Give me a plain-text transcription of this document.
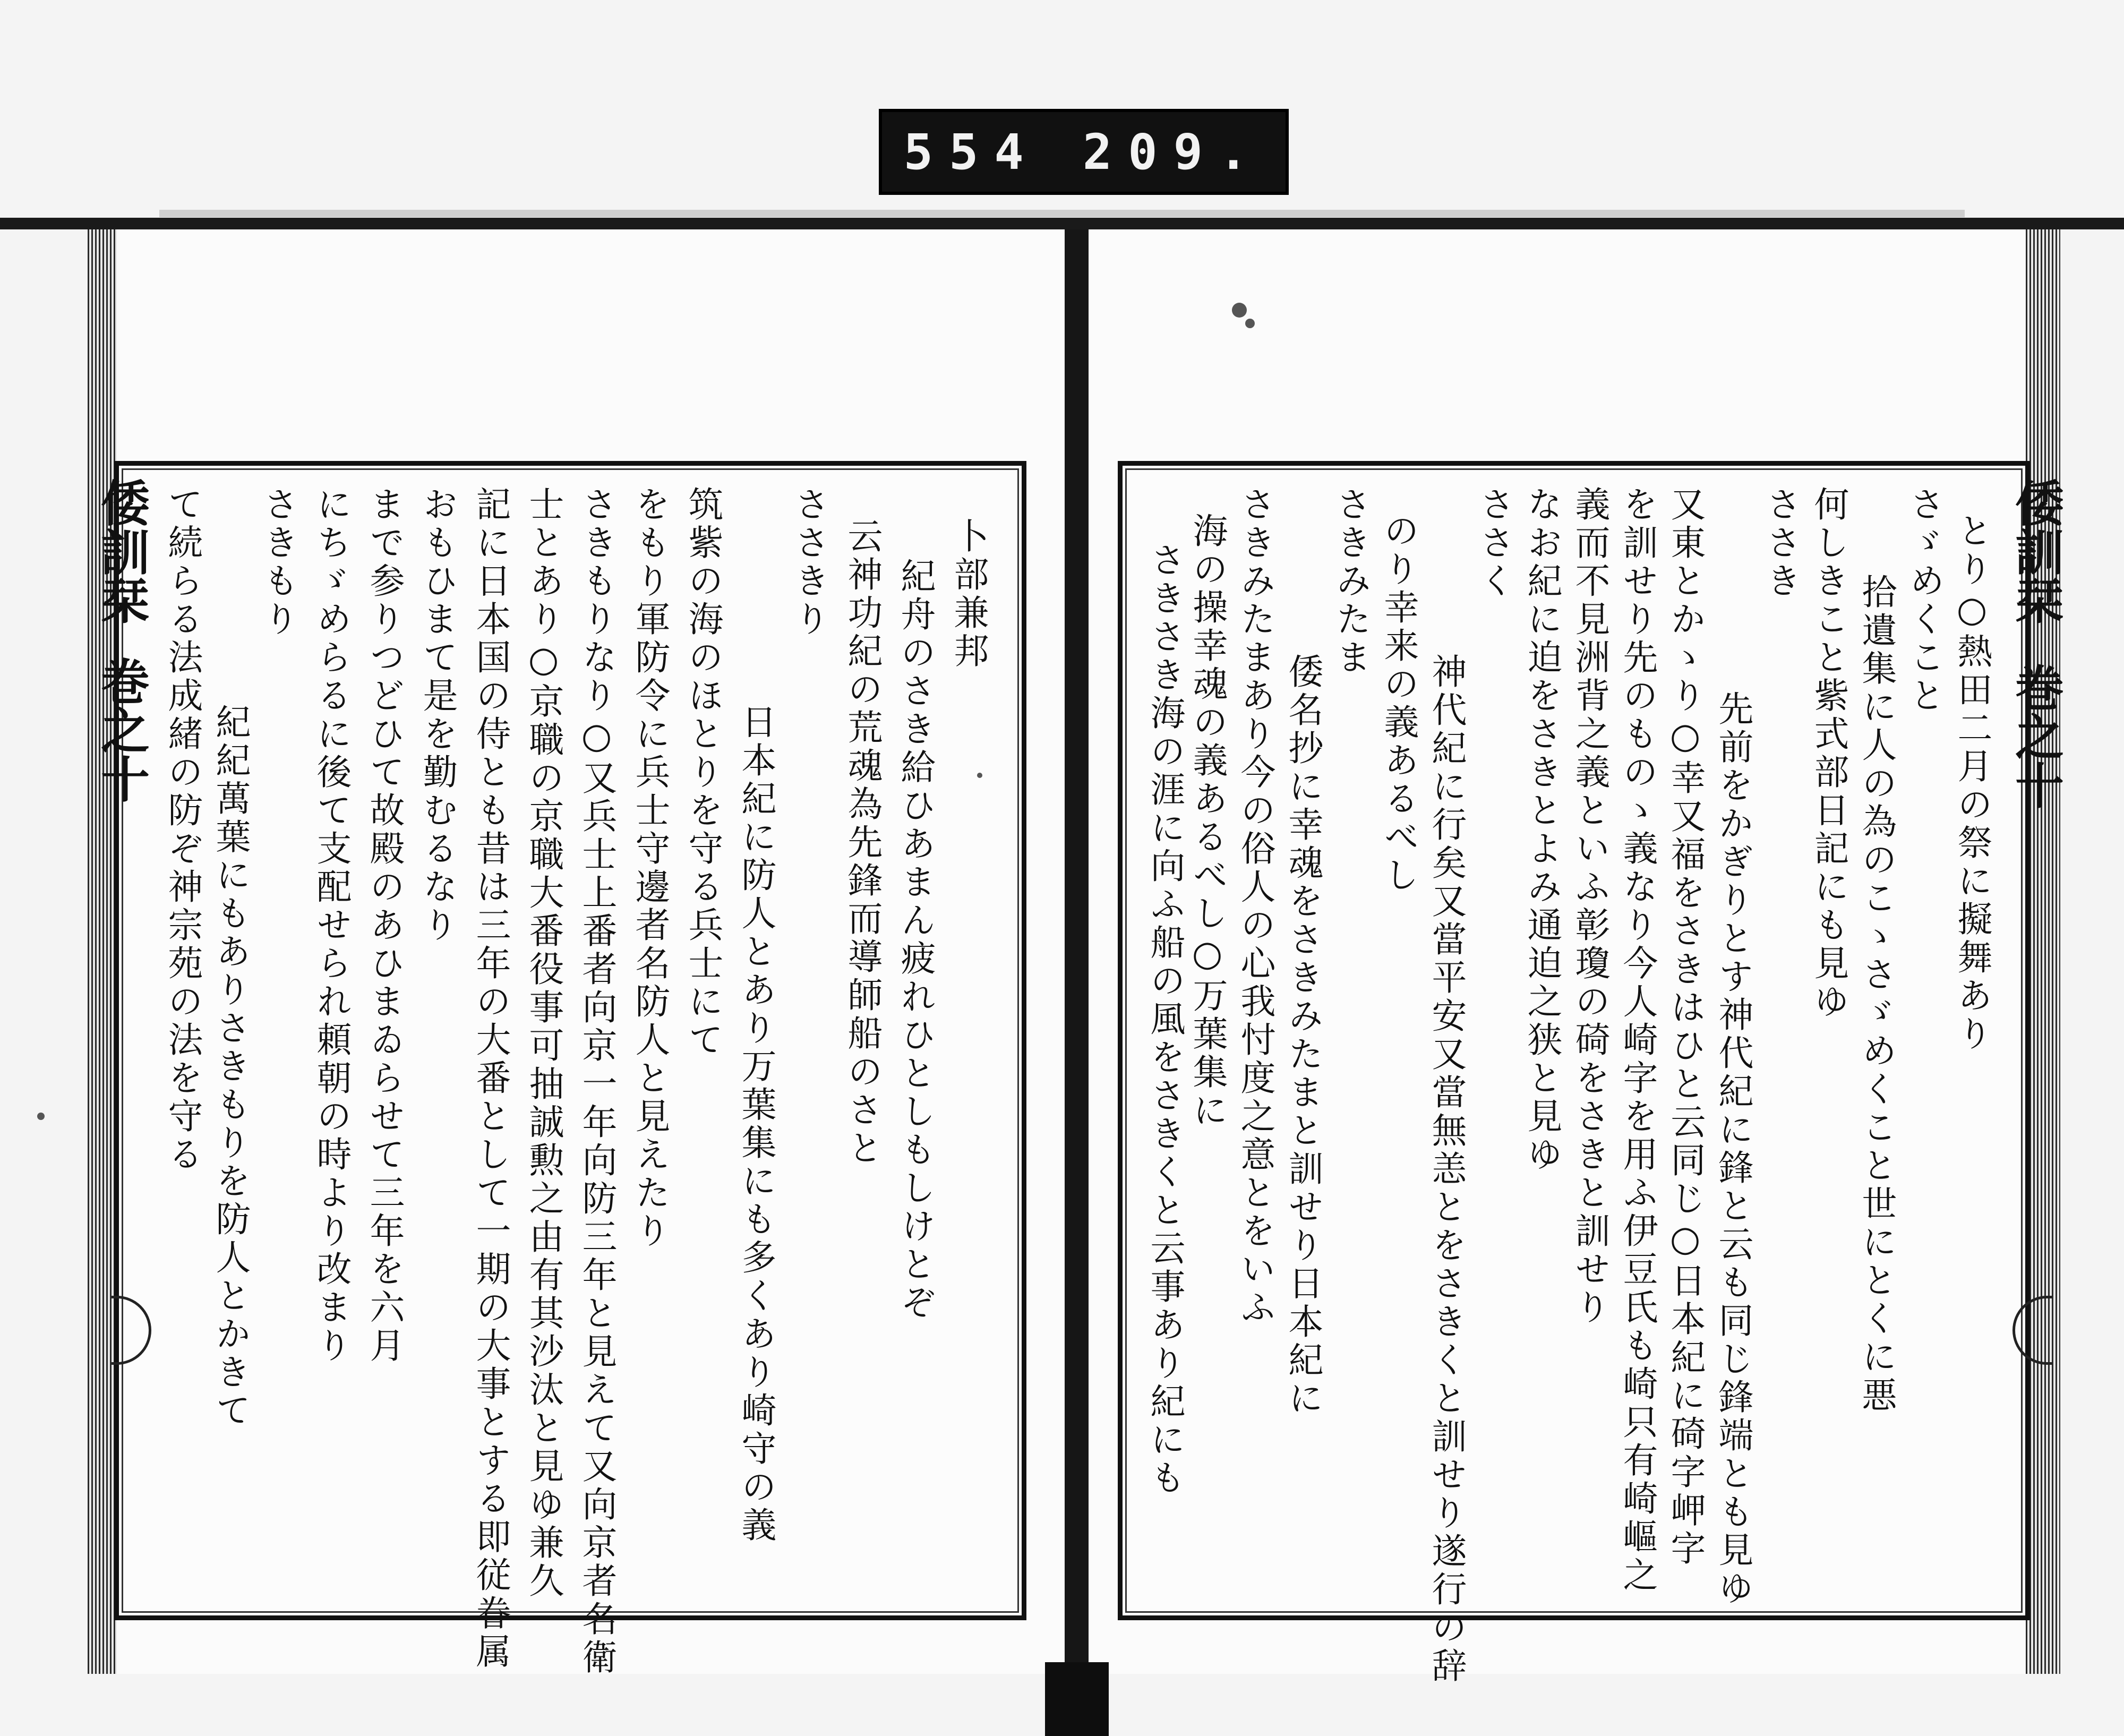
554 209.
倭訓栞
巻之十
倭訓栞 巻之十
卜部兼邦
紀舟のさき給ひあまん疲れひとしもしけとぞ
云神功紀の荒魂為先鋒而導師船のさと
ささきり
日本紀に防人とあり万葉集にも多くあり崎守の義
筑紫の海のほとりを守る兵士にて
をもり軍防令に兵士守邊者名防人と見えたり
さきもりなり○又兵士上番者向京一年向防三年と見えて又向京者名衛
士とあり○京職の京職大番役事可抽誠勲之由有其沙汰と見ゆ兼久
記に日本国の侍とも昔は三年の大番として一期の大事とする即従眷属
おもひまて是を勤むるなり
まで参りつどひて故殿のあひまゐらせて三年を六月
にちゞめらるに後て支配せられ頼朝の時より改まり
さきもり
紀紀萬葉にもありさきもりを防人とかきて
て続らる法成緒の防ぞ神宗苑の法を守る	とり○熱田二月の祭に擬舞あり
さゞめくこと
拾遺集に人の為のこゝさゞめくこと世にとくに悪
何しきこと紫式部日記にも見ゆ
ささき
先前をかぎりとす神代紀に鋒と云も同じ鋒端とも見ゆ
又東とかゝり○幸又福をさきはひと云同じ○日本紀に碕字岬字
を訓せり先のものゝ義なり今人崎字を用ふ伊豆氏も崎只有崎嶇之
義而不見洲背之義といふ彰瓊の碕をさきと訓せり
なお紀に迫をさきとよみ通迫之狭と見ゆ
ささく
神代紀に行矣又當平安又當無恙とをさきくと訓せり遂行の辞
のり幸来の義あるべし
さきみたま
倭名抄に幸魂をさきみたまと訓せり日本紀に
さきみたまあり今の俗人の心我忖度之意とをいふ
海の操幸魂の義あるべし○万葉集に
さきさき海の涯に向ふ船の風をさきくと云事あり紀にも
